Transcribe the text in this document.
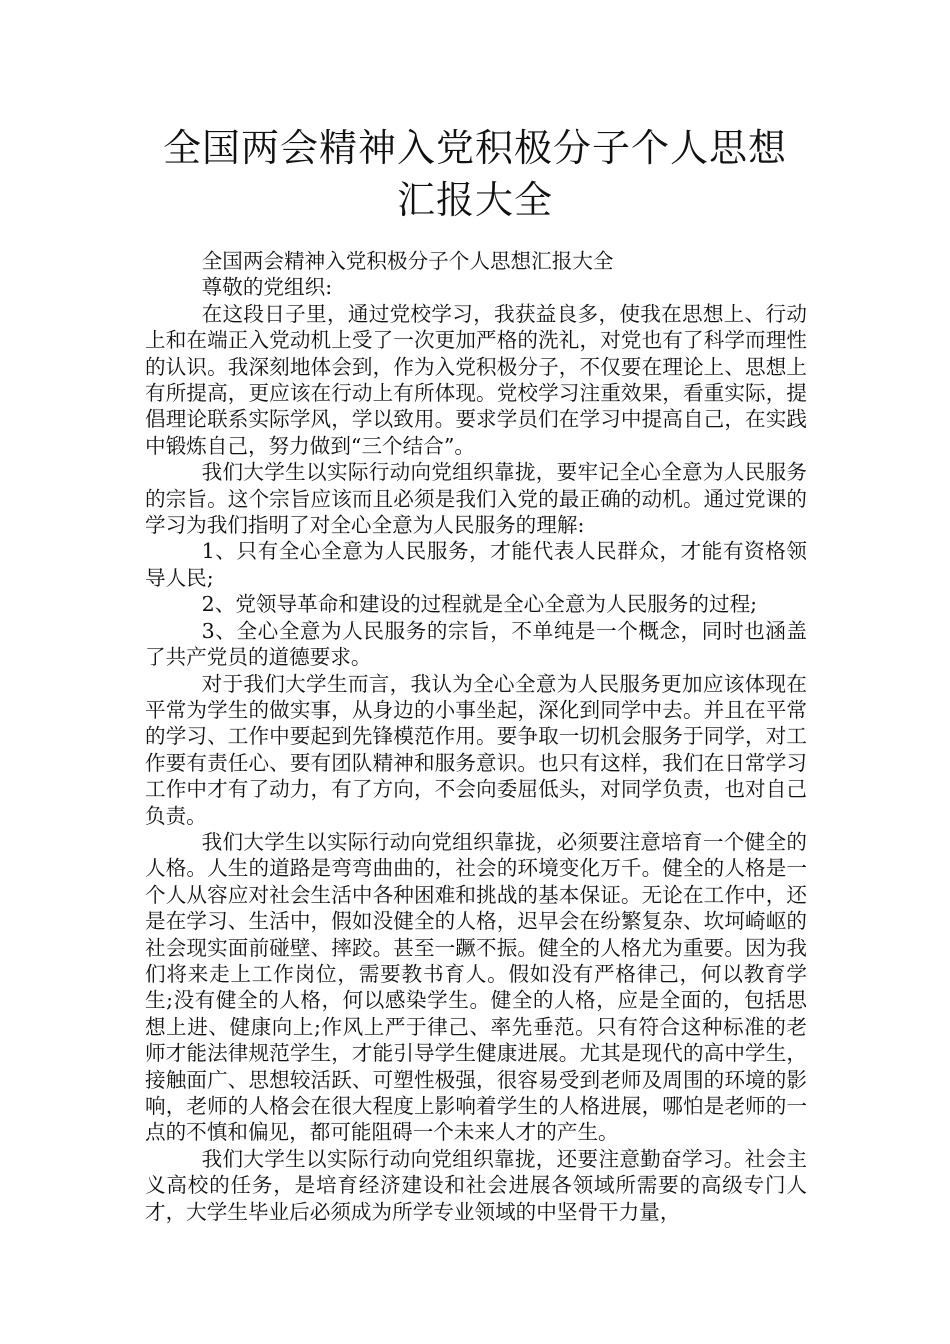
全国两会精神入党积极分子个人思想汇报大全

全国两会精神入党积极分子个人思想汇报大全

尊敬的党组织:

在这段日子里，通过党校学习，我获益良多，使我在思想上、行动上和在端正入党动机上受了一次更加严格的洗礼，对党也有了科学而理性的认识。我深刻地体会到，作为入党积极分子，不仅要在理论上、思想上有所提高，更应该在行动上有所体现。党校学习注重效果，看重实际，提倡理论联系实际学风，学以致用。要求学员们在学习中提高自己，在实践中锻炼自己，努力做到“三个结合”。

我们大学生以实际行动向党组织靠拢，要牢记全心全意为人民服务的宗旨。这个宗旨应该而且必须是我们入党的最正确的动机。通过党课的学习为我们指明了对全心全意为人民服务的理解:

1、只有全心全意为人民服务，才能代表人民群众，才能有资格领导人民;

2、党领导革命和建设的过程就是全心全意为人民服务的过程;

3、全心全意为人民服务的宗旨，不单纯是一个概念，同时也涵盖了共产党员的道德要求。

对于我们大学生而言，我认为全心全意为人民服务更加应该体现在平常为学生的做实事，从身边的小事坐起，深化到同学中去。并且在平常的学习、工作中要起到先锋模范作用。要争取一切机会服务于同学，对工作要有责任心、要有团队精神和服务意识。也只有这样，我们在日常学习工作中才有了动力，有了方向，不会向委屈低头，对同学负责，也对自己负责。

我们大学生以实际行动向党组织靠拢，必须要注意培育一个健全的人格。人生的道路是弯弯曲曲的，社会的环境变化万千。健全的人格是一个人从容应对社会生活中各种困难和挑战的基本保证。无论在工作中，还是在学习、生活中，假如没健全的人格，迟早会在纷繁复杂、坎坷崎岖的社会现实面前碰壁、摔跤。甚至一蹶不振。健全的人格尤为重要。因为我们将来走上工作岗位，需要教书育人。假如没有严格律己，何以教育学生;没有健全的人格，何以感染学生。健全的人格，应是全面的，包括思想上进、健康向上;作风上严于律己、率先垂范。只有符合这种标准的老师才能法律规范学生，才能引导学生健康进展。尤其是现代的高中学生，接触面广、思想较活跃、可塑性极强，很容易受到老师及周围的环境的影响，老师的人格会在很大程度上影响着学生的人格进展，哪怕是老师的一点的不慎和偏见，都可能阻碍一个未来人才的产生。

我们大学生以实际行动向党组织靠拢，还要注意勤奋学习。社会主义高校的任务，是培育经济建设和社会进展各领域所需要的高级专门人才，大学生毕业后必须成为所学专业领域的中坚骨干力量，
